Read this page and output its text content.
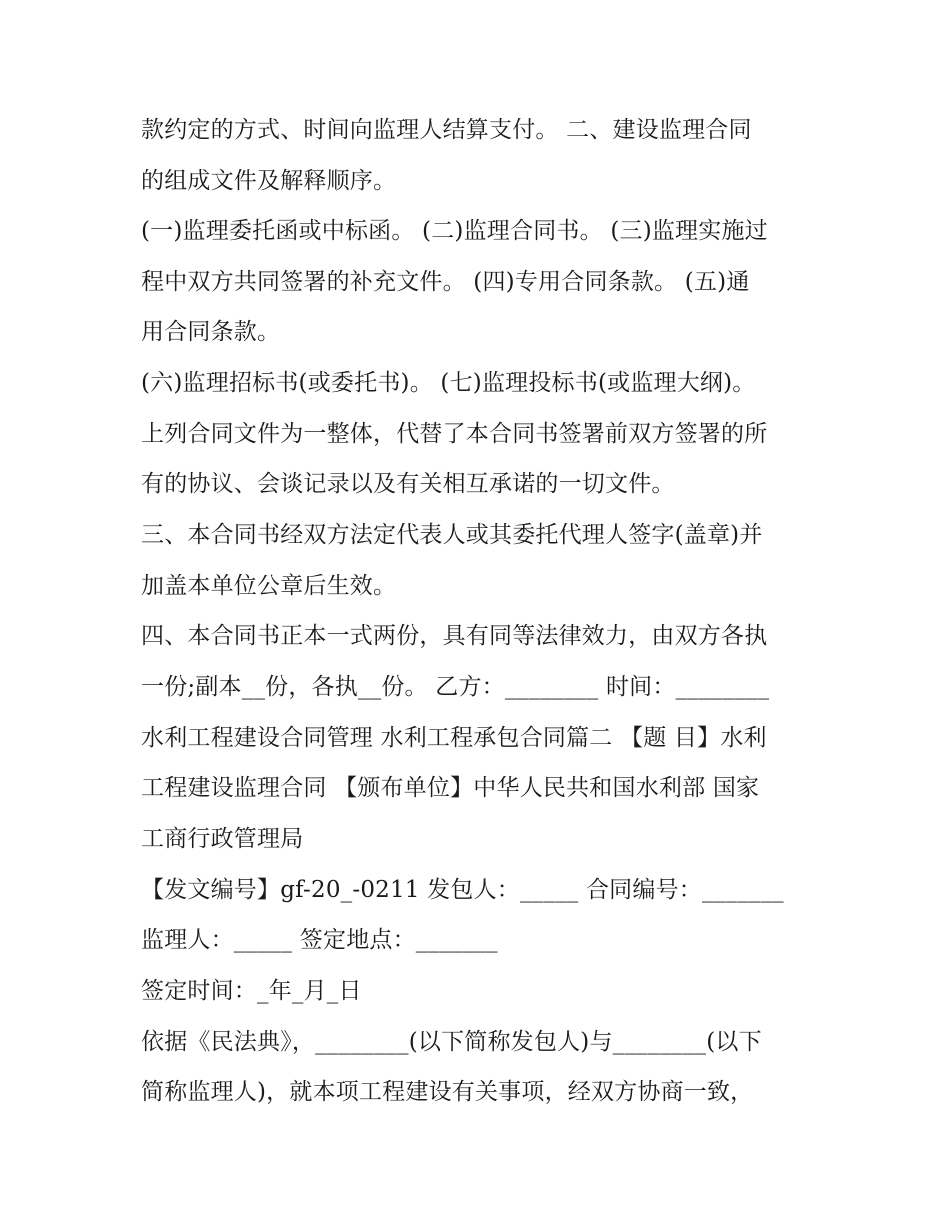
款约定的方式、时间向监理人结算支付。 二、建设监理合同

的组成文件及解释顺序。

(一)监理委托函或中标函。 (二)监理合同书。 (三)监理实施过

程中双方共同签署的补充文件。 (四)专用合同条款。 (五)通

用合同条款。

(六)监理招标书(或委托书)。 (七)监理投标书(或监理大纲)。

上列合同文件为一整体，代替了本合同书签署前双方签署的所

有的协议、会谈记录以及有关相互承诺的一切文件。

三、本合同书经双方法定代表人或其委托代理人签字(盖章)并

加盖本单位公章后生效。

四、本合同书正本一式两份，具有同等法律效力，由双方各执

一份;副本__份，各执__份。 乙方：________ 时间：________

水利工程建设合同管理 水利工程承包合同篇二 【题 目】水利

工程建设监理合同 【颁布单位】中华人民共和国水利部 国家

工商行政管理局

【发文编号】gf-20_-0211 发包人：_____ 合同编号：_______

监理人：_____ 签定地点：_______

签定时间：_年_月_日

依据《民法典》，________(以下简称发包人)与________(以下

简称监理人)，就本项工程建设有关事项，经双方协商一致，
